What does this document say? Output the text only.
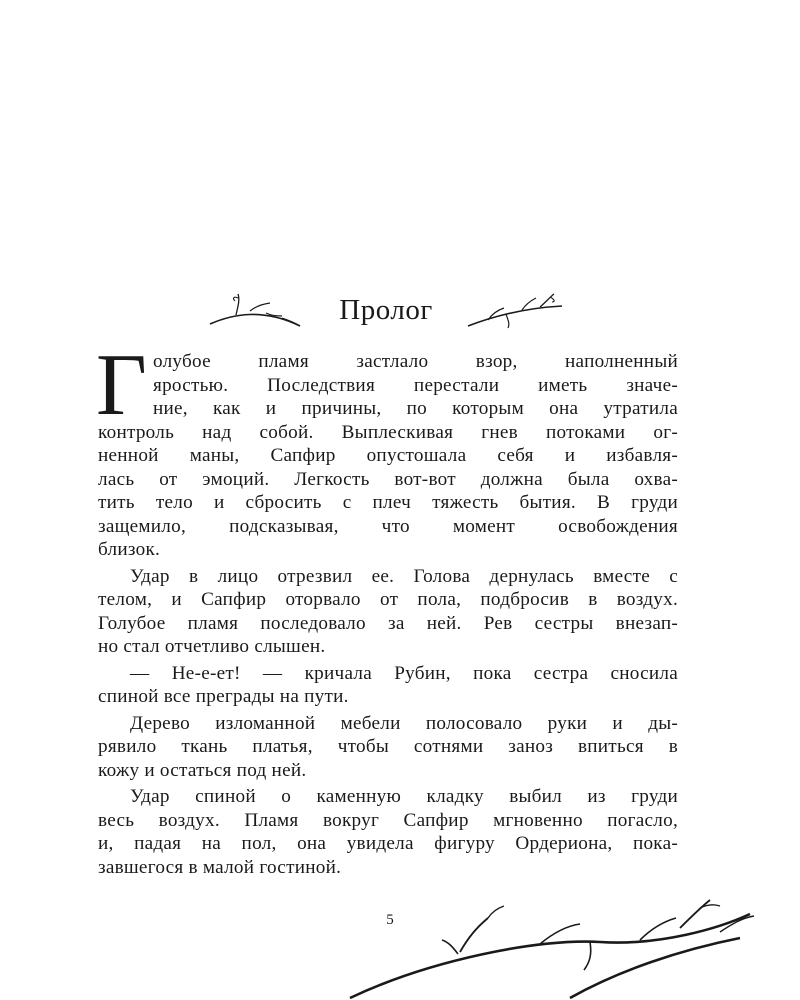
Пролог
Г олубое пламя застлало взор, наполненный
яростью. Последствия перестали иметь значе-
ние, как и причины, по которым она утратила
контроль над собой. Выплескивая гнев потоками ог-
ненной маны, Сапфир опустошала себя и избавля-
лась от эмоций. Легкость вот-вот должна была охва-
тить тело и сбросить с плеч тяжесть бытия. В груди
защемило, подсказывая, что момент освобождения
близок.
Удар в лицо отрезвил ее. Голова дернулась вместе с
телом, и Сапфир оторвало от пола, подбросив в воздух.
Голубое пламя последовало за ней. Рев сестры внезап-
но стал отчетливо слышен.
— Не-е-ет! — кричала Рубин, пока сестра сносила
спиной все преграды на пути.
Дерево изломанной мебели полосовало руки и ды-
рявило ткань платья, чтобы сотнями заноз впиться в
кожу и остаться под ней.
Удар спиной о каменную кладку выбил из груди
весь воздух. Пламя вокруг Сапфир мгновенно погасло,
и, падая на пол, она увидела фигуру Ордериона, пока-
завшегося в малой гостиной.
5
